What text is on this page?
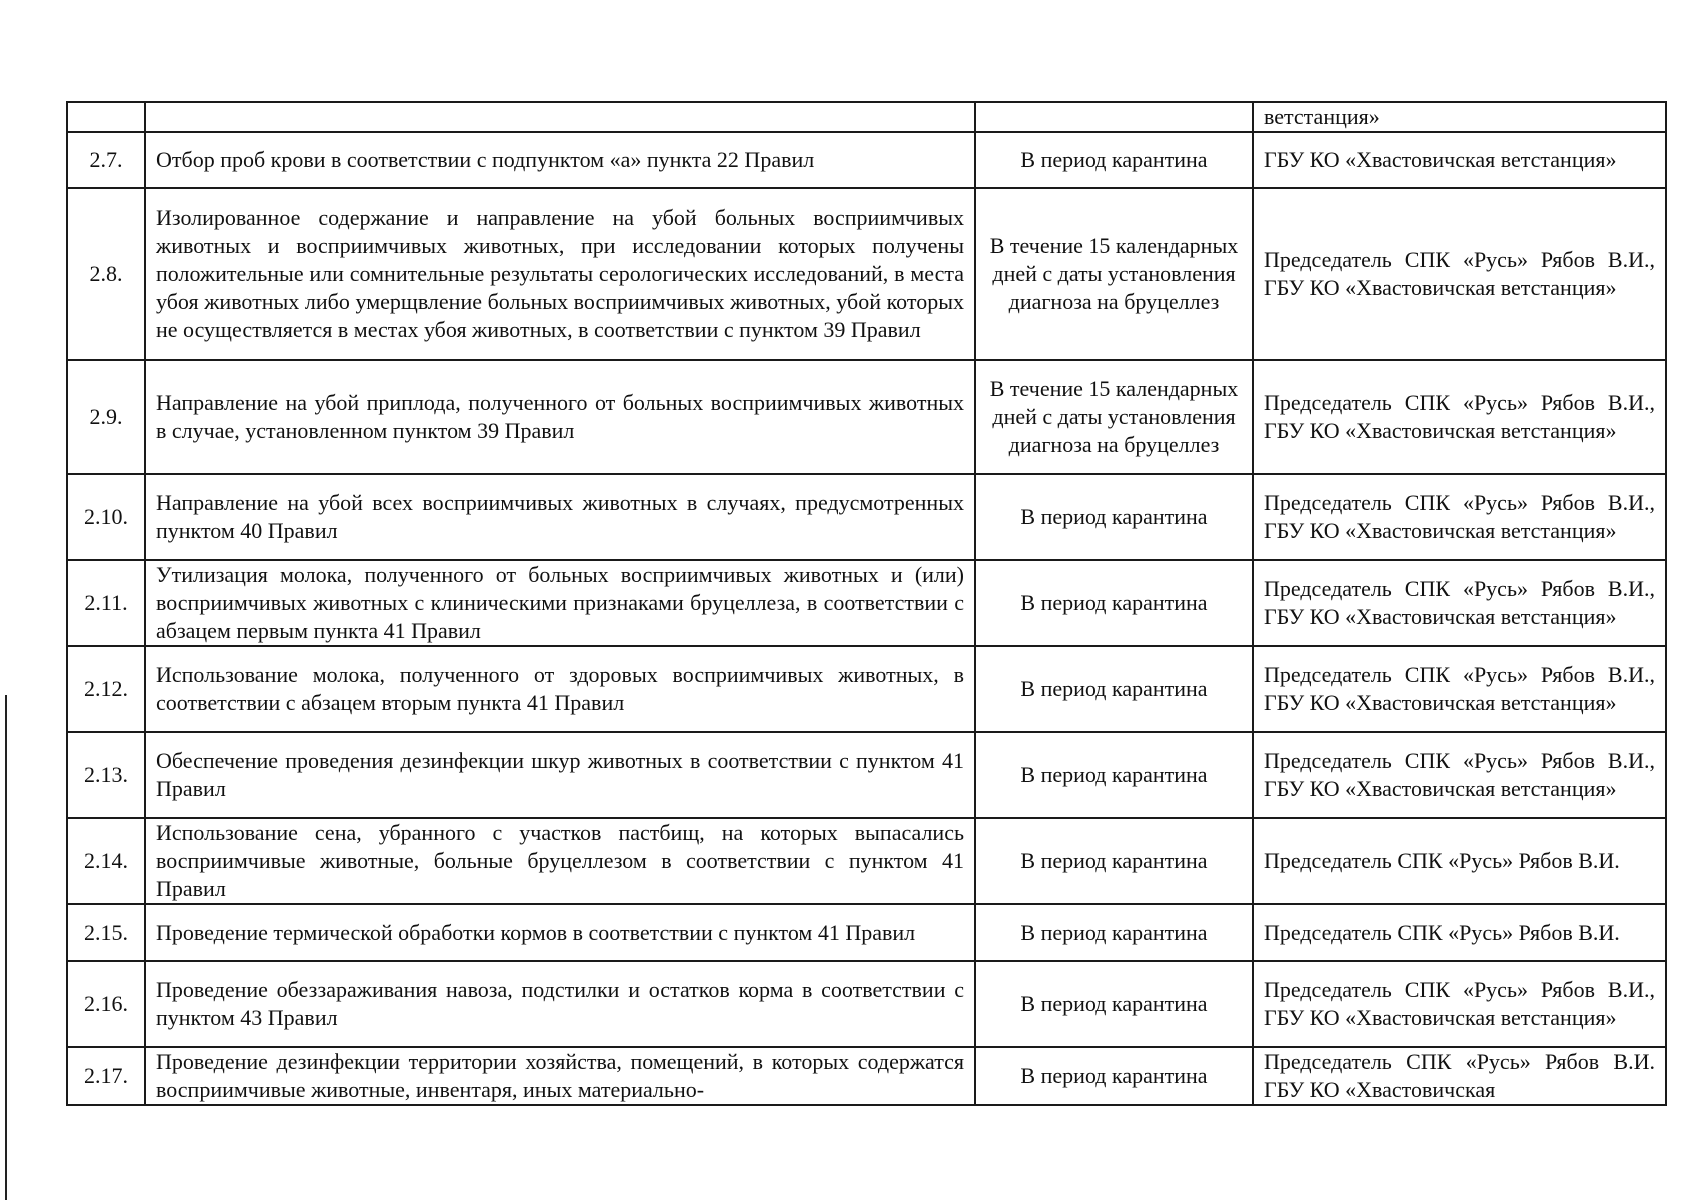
			ветстанция»
2.7.	Отбор проб крови в соответствии с подпунктом «а» пункта 22 Правил	В период карантина	ГБУ КО «Хвастовичская ветстанция»
2.8.	Изолированное содержание и направление на убой больных восприимчивых животных и восприимчивых животных, при исследовании которых получены положительные или сомнительные результаты серологических исследований, в места убоя животных либо умерщвление больных восприимчивых животных, убой которых не осуществляется в местах убоя животных, в соответствии с пунктом 39 Правил	В течение 15 календарных дней с даты установления диагноза на бруцеллез	Председатель СПК «Русь» Рябов В.И., ГБУ КО «Хвастовичская ветстанция»
2.9.	Направление на убой приплода, полученного от больных восприимчивых животных в случае, установленном пунктом 39 Правил	В течение 15 календарных дней с даты установления диагноза на бруцеллез	Председатель СПК «Русь» Рябов В.И., ГБУ КО «Хвастовичская ветстанция»
2.10.	Направление на убой всех восприимчивых животных в случаях, предусмотренных пунктом 40 Правил	В период карантина	Председатель СПК «Русь» Рябов В.И., ГБУ КО «Хвастовичская ветстанция»
2.11.	Утилизация молока, полученного от больных восприимчивых животных и (или) восприимчивых животных с клиническими признаками бруцеллеза, в соответствии с абзацем первым пункта 41 Правил	В период карантина	Председатель СПК «Русь» Рябов В.И., ГБУ КО «Хвастовичская ветстанция»
2.12.	Использование молока, полученного от здоровых восприимчивых животных, в соответствии с абзацем вторым пункта 41 Правил	В период карантина	Председатель СПК «Русь» Рябов В.И., ГБУ КО «Хвастовичская ветстанция»
2.13.	Обеспечение проведения дезинфекции шкур животных в соответствии с пунктом 41 Правил	В период карантина	Председатель СПК «Русь» Рябов В.И., ГБУ КО «Хвастовичская ветстанция»
2.14.	Использование сена, убранного с участков пастбищ, на которых выпасались восприимчивые животные, больные бруцеллезом в соответствии с пунктом 41 Правил	В период карантина	Председатель СПК «Русь» Рябов В.И.
2.15.	Проведение термической обработки кормов в соответствии с пунктом 41 Правил	В период карантина	Председатель СПК «Русь» Рябов В.И.
2.16.	Проведение обеззараживания навоза, подстилки и остатков корма в соответствии с пунктом 43 Правил	В период карантина	Председатель СПК «Русь» Рябов В.И., ГБУ КО «Хвастовичская ветстанция»
2.17.	Проведение дезинфекции территории хозяйства, помещений, в которых содержатся восприимчивые животные, инвентаря, иных материально-	В период карантина	Председатель СПК «Русь» Рябов В.И. ГБУ КО «Хвастовичская
